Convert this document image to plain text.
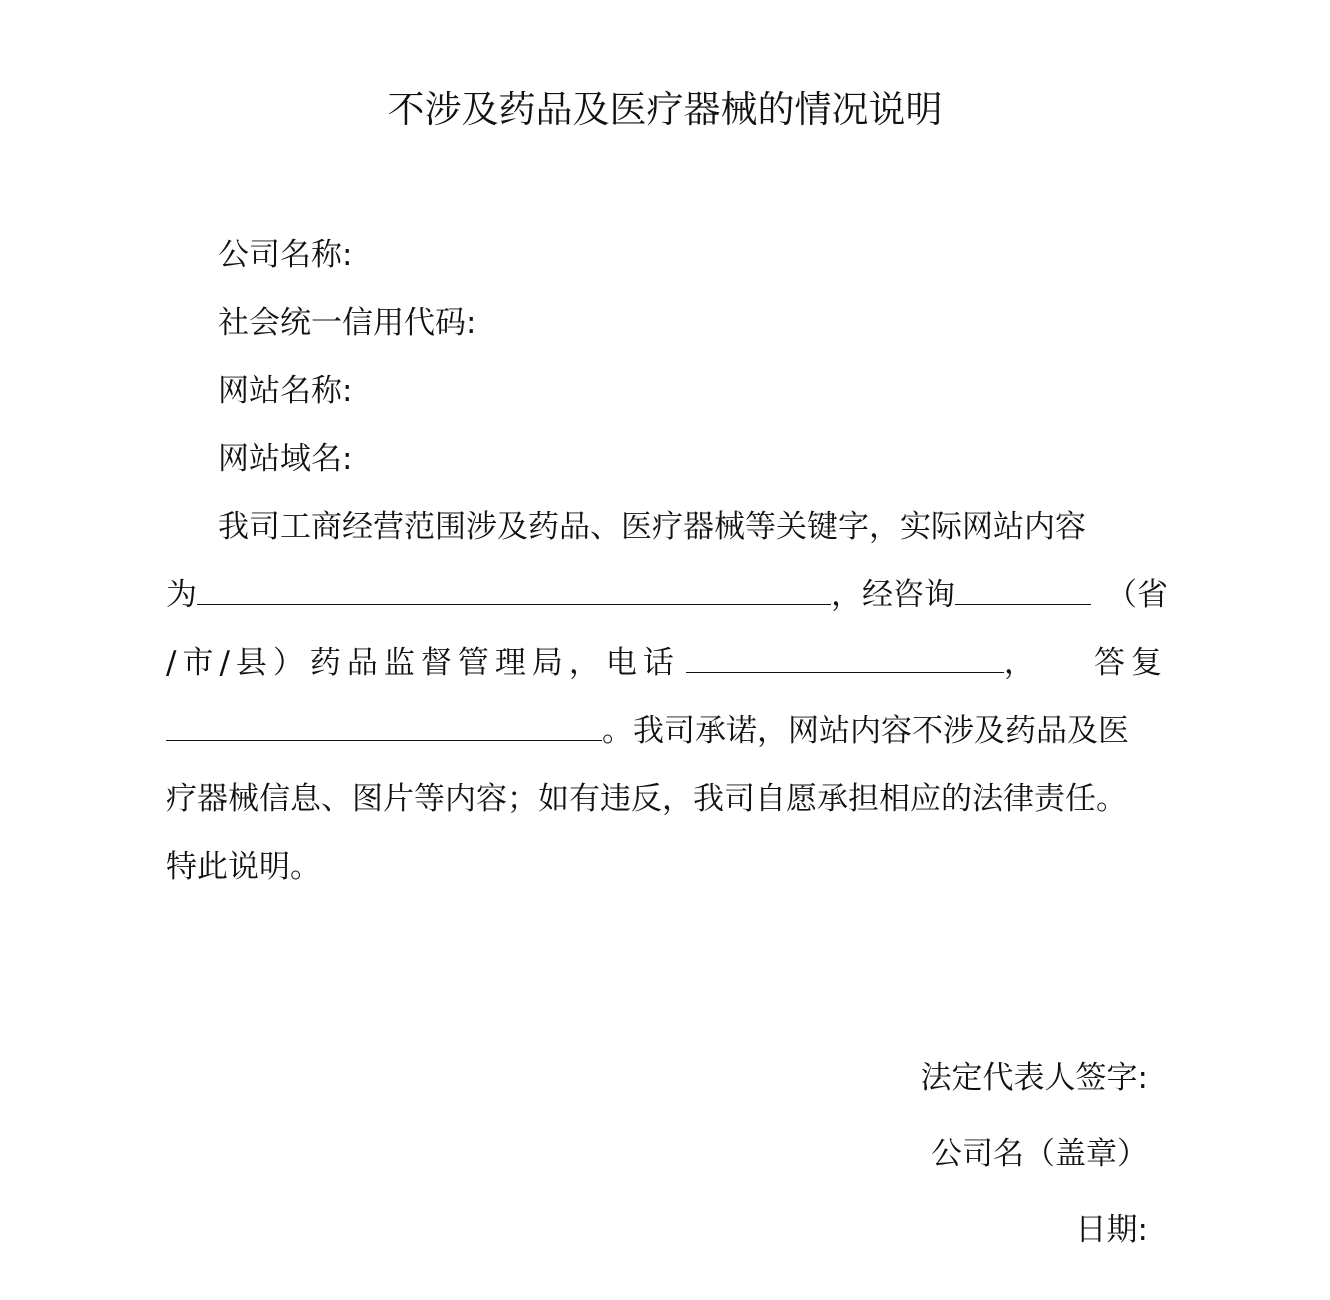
不涉及药品及医疗器械的情况说明
公司名称:
社会统一信用代码:
网站名称:
网站域名:
我司工商经营范围涉及药品、医疗器械等关键字，实际网站内容
为	，经咨询	（省
/市/县）药品监督管理局，电话	， 答复
。我司承诺，网站内容不涉及药品及医
疗器械信息、图片等内容；如有违反，我司自愿承担相应的法律责任。
特此说明。
法定代表人签字:
公司名（盖章）
日期:
